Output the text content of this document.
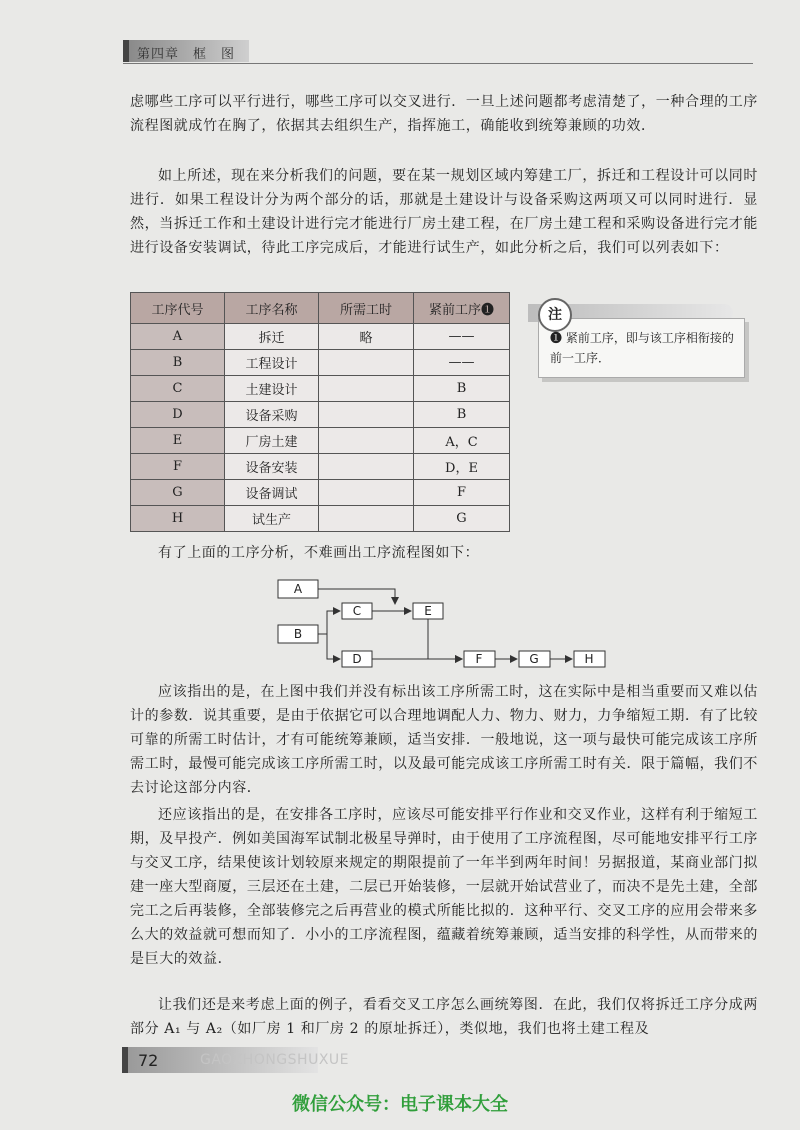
第四章　框　图
虑哪些工序可以平行进行，哪些工序可以交叉进行．一旦上述问题都考虑清楚了，一种合理的工序流程图就成竹在胸了，依据其去组织生产，指挥施工，确能收到统筹兼顾的功效．
如上所述，现在来分析我们的问题，要在某一规划区域内筹建工厂，拆迁和工程设计可以同时进行．如果工程设计分为两个部分的话，那就是土建设计与设备采购这两项又可以同时进行．显然，当拆迁工作和土建设计进行完才能进行厂房土建工程，在厂房土建工程和采购设备进行完才能进行设备安装调试，待此工序完成后，才能进行试生产，如此分析之后，我们可以列表如下：
工序代号	工序名称	所需工时	紧前工序❶
A	拆迁	略	——
B	工程设计		——
C	土建设计		B
D	设备采购		B
E	厂房土建		A，C
F	设备安装		D，E
G	设备调试		F
H	试生产		G
注
❶ 紧前工序，即与该工序相衔接的前一工序．
有了上面的工序分析，不难画出工序流程图如下：
A
B
C
D
E
F	G	H
应该指出的是，在上图中我们并没有标出该工序所需工时，这在实际中是相当重要而又难以估计的参数．说其重要，是由于依据它可以合理地调配人力、物力、财力，力争缩短工期．有了比较可靠的所需工时估计，才有可能统筹兼顾，适当安排．一般地说，这一项与最快可能完成该工序所需工时，最慢可能完成该工序所需工时，以及最可能完成该工序所需工时有关．限于篇幅，我们不去讨论这部分内容．
还应该指出的是，在安排各工序时，应该尽可能安排平行作业和交叉作业，这样有利于缩短工期，及早投产．例如美国海军试制北极星导弹时，由于使用了工序流程图，尽可能地安排平行工序与交叉工序，结果使该计划较原来规定的期限提前了一年半到两年时间！另据报道，某商业部门拟建一座大型商厦，三层还在土建，二层已开始装修，一层就开始试营业了，而决不是先土建，全部完工之后再装修，全部装修完之后再营业的模式所能比拟的．这种平行、交叉工序的应用会带来多么大的效益就可想而知了．小小的工序流程图，蕴藏着统筹兼顾，适当安排的科学性，从而带来的是巨大的效益．
让我们还是来考虑上面的例子，看看交叉工序怎么画统筹图．在此，我们仅将拆迁工序分成两部分 A₁ 与 A₂（如厂房 1 和厂房 2 的原址拆迁），类似地，我们也将土建工程及
72	GAOZHONGSHUXUE
微信公众号：电子课本大全
